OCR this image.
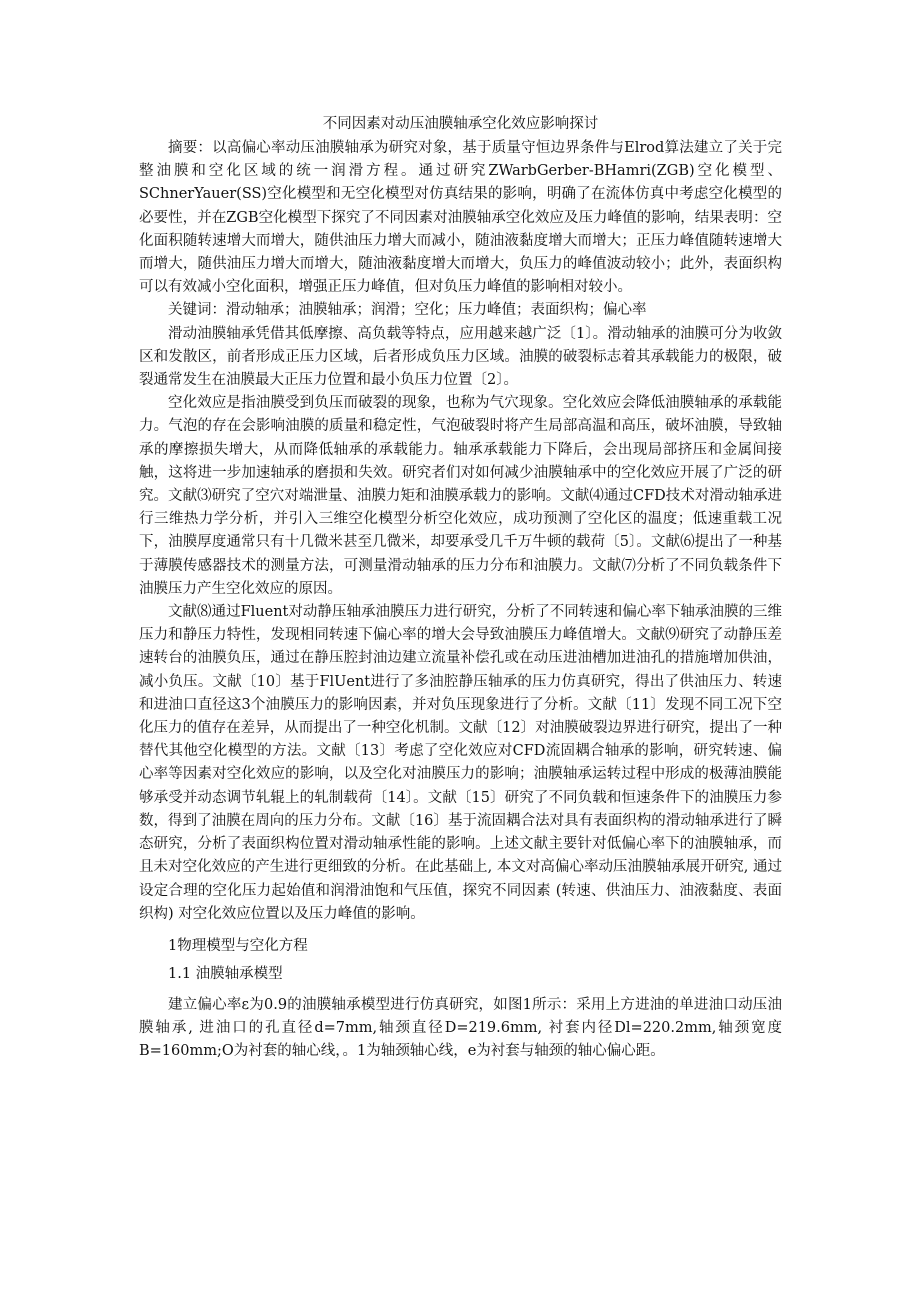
不同因素对动压油膜轴承空化效应影响探讨

摘要：以高偏心率动压油膜轴承为研究对象，基于质量守恒边界条件与Elrod算法建立了关于完整油膜和空化区域的统一润滑方程。通过研究ZWarbGerber-BHamri(ZGB)空化模型、SChnerYauer(SS)空化模型和无空化模型对仿真结果的影响，明确了在流体仿真中考虑空化模型的必要性，并在ZGB空化模型下探究了不同因素对油膜轴承空化效应及压力峰值的影响，结果表明：空化面积随转速增大而增大，随供油压力增大而减小，随油液黏度增大而增大；正压力峰值随转速增大而增大，随供油压力增大而增大，随油液黏度增大而增大，负压力的峰值波动较小；此外，表面织构可以有效减小空化面积，增强正压力峰值，但对负压力峰值的影响相对较小。

关键词：滑动轴承；油膜轴承；润滑；空化；压力峰值；表面织构；偏心率

滑动油膜轴承凭借其低摩擦、高负载等特点，应用越来越广泛〔1〕。滑动轴承的油膜可分为收敛区和发散区，前者形成正压力区域，后者形成负压力区域。油膜的破裂标志着其承载能力的极限，破裂通常发生在油膜最大正压力位置和最小负压力位置〔2〕。

空化效应是指油膜受到负压而破裂的现象，也称为气穴现象。空化效应会降低油膜轴承的承载能力。气泡的存在会影响油膜的质量和稳定性，气泡破裂时将产生局部高温和高压，破坏油膜，导致轴承的摩擦损失增大，从而降低轴承的承载能力。轴承承载能力下降后，会出现局部挤压和金属间接触，这将进一步加速轴承的磨损和失效。研究者们对如何减少油膜轴承中的空化效应开展了广泛的研究。文献⑶研究了空穴对端泄量、油膜力矩和油膜承载力的影响。文献⑷通过CFD技术对滑动轴承进行三维热力学分析，并引入三维空化模型分析空化效应，成功预测了空化区的温度；低速重载工况下，油膜厚度通常只有十几微米甚至几微米，却要承受几千万牛顿的载荷〔5〕。文献⑹提出了一种基于薄膜传感器技术的测量方法，可测量滑动轴承的压力分布和油膜力。文献⑺分析了不同负载条件下油膜压力产生空化效应的原因。

文献⑻通过Fluent对动静压轴承油膜压力进行研究，分析了不同转速和偏心率下轴承油膜的三维压力和静压力特性，发现相同转速下偏心率的增大会导致油膜压力峰值增大。文献⑼研究了动静压差速转台的油膜负压，通过在静压腔封油边建立流量补偿孔或在动压进油槽加进油孔的措施增加供油，减小负压。文献〔10〕基于FlUent进行了多油腔静压轴承的压力仿真研究，得出了供油压力、转速和进油口直径这3个油膜压力的影响因素，并对负压现象进行了分析。文献〔11〕发现不同工况下空化压力的值存在差异，从而提出了一种空化机制。文献〔12〕对油膜破裂边界进行研究，提出了一种替代其他空化模型的方法。文献〔13〕考虑了空化效应对CFD流固耦合轴承的影响，研究转速、偏心率等因素对空化效应的影响，以及空化对油膜压力的影响；油膜轴承运转过程中形成的极薄油膜能够承受并动态调节轧辊上的轧制载荷〔14〕。文献〔15〕研究了不同负载和恒速条件下的油膜压力参数，得到了油膜在周向的压力分布。文献〔16〕基于流固耦合法对具有表面织构的滑动轴承进行了瞬态研究，分析了表面织构位置对滑动轴承性能的影响。上述文献主要针对低偏心率下的油膜轴承，而且未对空化效应的产生进行更细致的分析。在此基础上, 本文对高偏心率动压油膜轴承展开研究, 通过设定合理的空化压力起始值和润滑油饱和气压值，探究不同因素 (转速、供油压力、油液黏度、表面织构) 对空化效应位置以及压力峰值的影响。

1物理模型与空化方程
1.1 油膜轴承模型

建立偏心率ε为0.9的油膜轴承模型进行仿真研究，如图1所示：采用上方进油的单进油口动压油膜轴承, 进油口的孔直径d=7mm,轴颈直径D=219.6mm, 衬套内径Dl=220.2mm,轴颈宽度B=160mm;O为衬套的轴心线，。1为轴颈轴心线，e为衬套与轴颈的轴心偏心距。
